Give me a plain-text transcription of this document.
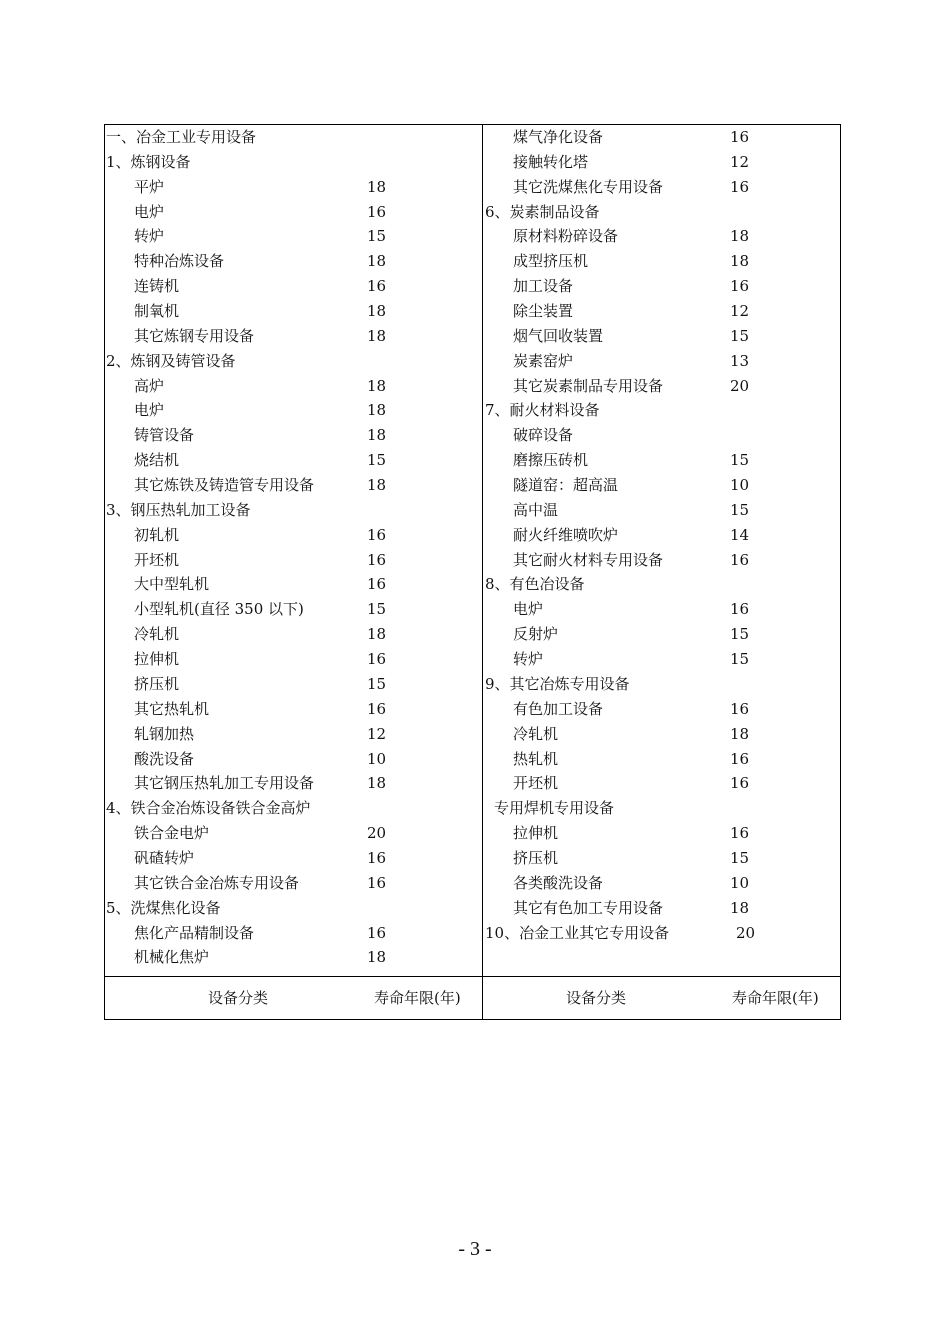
一、冶金工业专用设备
1、炼钢设备
平炉	18
电炉	16
转炉	15
特种冶炼设备	18
连铸机	16
制氧机	18
其它炼钢专用设备	18
2、炼钢及铸管设备
高炉	18
电炉	18
铸管设备	18
烧结机	15
其它炼铁及铸造管专用设备	18
3、钢压热轧加工设备
初轧机	16
开坯机	16
大中型轧机	16
小型轧机(直径 350 以下)	15
冷轧机	18
拉伸机	16
挤压机	15
其它热轧机	16
轧钢加热	12
酸洗设备	10
其它钢压热轧加工专用设备	18
4、铁合金冶炼设备铁合金高炉
铁合金电炉	20
矾碴转炉	16
其它铁合金冶炼专用设备	16
5、洗煤焦化设备
焦化产品精制设备	16
机械化焦炉	18
煤气净化设备	16
接触转化塔	12
其它洗煤焦化专用设备	16
6、炭素制品设备
原材料粉碎设备	18
成型挤压机	18
加工设备	16
除尘装置	12
烟气回收装置	15
炭素窑炉	13
其它炭素制品专用设备	20
7、耐火材料设备
破碎设备
磨擦压砖机	15
隧道窑：超高温	10
高中温	15
耐火纤维喷吹炉	14
其它耐火材料专用设备	16
8、有色冶设备
电炉	16
反射炉	15
转炉	15
9、其它冶炼专用设备
有色加工设备	16
冷轧机	18
热轧机	16
开坯机	16
专用焊机专用设备
拉伸机	16
挤压机	15
各类酸洗设备	10
其它有色加工专用设备	18
10、冶金工业其它专用设备	20
设备分类	寿命年限(年)	设备分类	寿命年限(年)
- 3 -
